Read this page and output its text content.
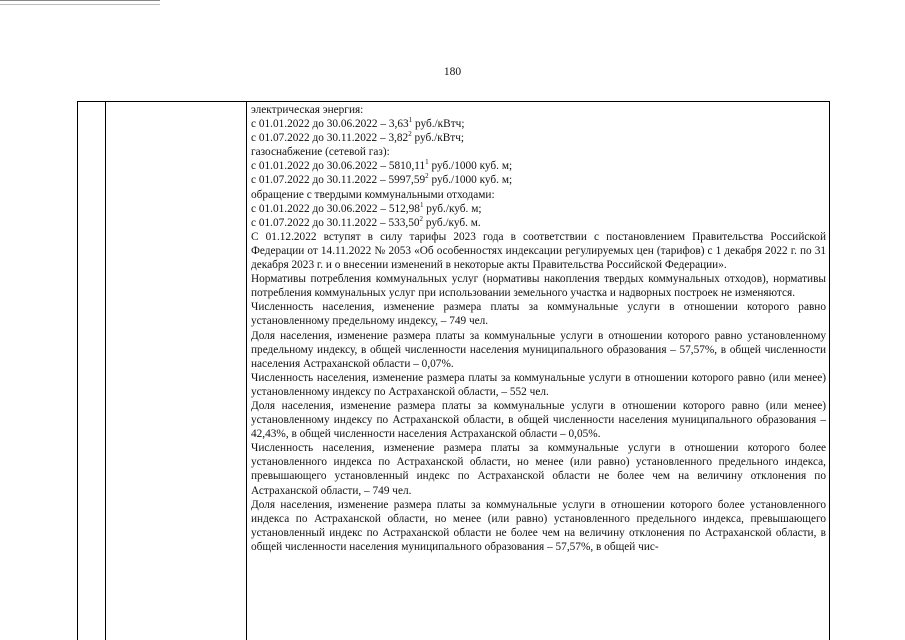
180

электрическая энергия:

с 01.01.2022 до 30.06.2022 – 3,63$^1$ руб./кВтч;

с 01.07.2022 до 30.11.2022 – 3,82$^2$ руб./кВтч;

газоснабжение (сетевой газ):

с 01.01.2022 до 30.06.2022 – 5810,11$^1$ руб./1000 куб. м;

с 01.07.2022 до 30.11.2022 – 5997,59$^2$ руб./1000 куб. м;

обращение с твердыми коммунальными отходами:

с 01.01.2022 до 30.06.2022 – 512,98$^1$ руб./куб. м;

с 01.07.2022 до 30.11.2022 – 533,50$^2$ руб./куб. м.

С 01.12.2022 вступят в силу тарифы 2023 года в соответствии с постановлением Правительства Российской Федерации от 14.11.2022 № 2053 «Об особенностях индексации регулируемых цен (тарифов) с 1 декабря 2022 г. по 31 декабря 2023 г. и о внесении изменений в некоторые акты Правительства Российской Федерации».

Нормативы потребления коммунальных услуг (нормативы накопления твердых коммунальных отходов), нормативы потребления коммунальных услуг при использовании земельного участка и надворных построек не изменяются.

Численность населения, изменение размера платы за коммунальные услуги в отношении которого равно установленному предельному индексу, – 749 чел.

Доля населения, изменение размера платы за коммунальные услуги в отношении которого равно установленному предельному индексу, в общей численности населения муниципального образования – 57,57%, в общей численности населения Астраханской области – 0,07%.

Численность населения, изменение размера платы за коммунальные услуги в отношении которого равно (или менее) установленному индексу по Астраханской области, – 552 чел.

Доля населения, изменение размера платы за коммунальные услуги в отношении которого равно (или менее) установленному индексу по Астраханской области, в общей численности населения муниципального образования – 42,43%, в общей численности населения Астраханской области – 0,05%.

Численность населения, изменение размера платы за коммунальные услуги в отношении которого более установленного индекса по Астраханской области, но менее (или равно) установленного предельного индекса, превышающего установленный индекс по Астраханской области не более чем на величину отклонения по Астраханской области, – 749 чел.

Доля населения, изменение размера платы за коммунальные услуги в отношении которого более установленного индекса по Астраханской области, но менее (или равно) установленного предельного индекса, превышающего установленный индекс по Астраханской области не более чем на величину отклонения по Астраханской области, в общей численности населения муниципального образования – 57,57%, в общей чис-
